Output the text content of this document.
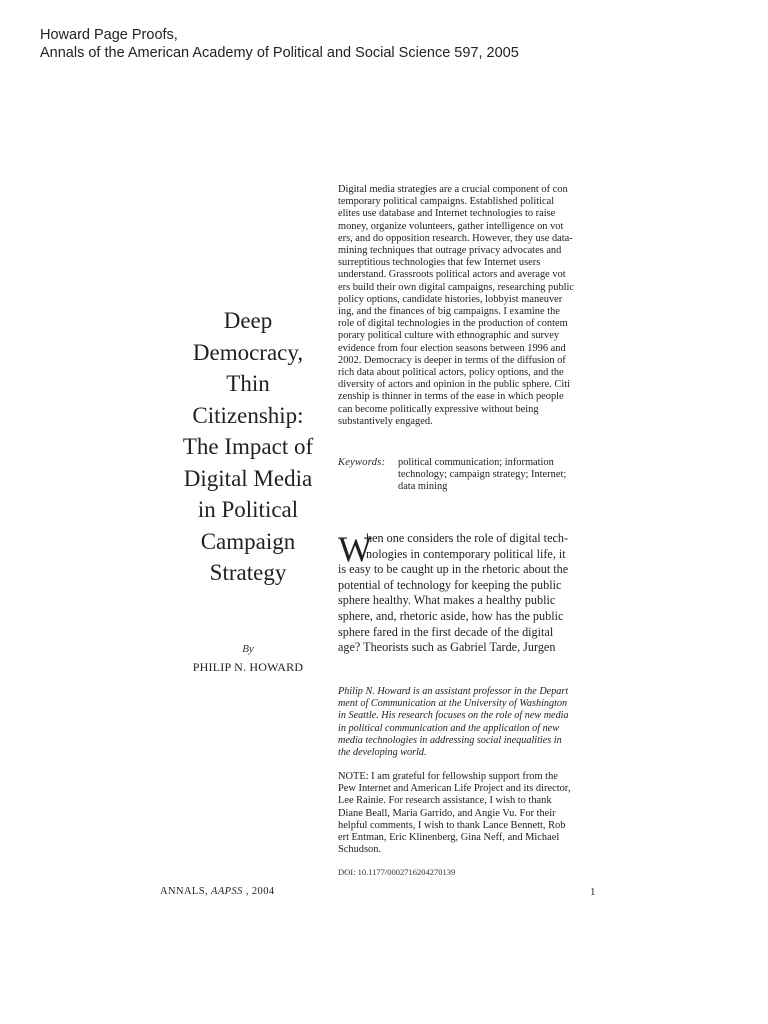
Howard Page Proofs,
Annals of the American Academy of Political and Social Science 597, 2005
Deep
Democracy,
Thin
Citizenship:
The Impact of
Digital Media
in Political
Campaign
Strategy
By
PHILIP N. HOWARD
Digital media strategies are a crucial component of con
temporary political campaigns. Established political
elites use database and Internet technologies to raise
money, organize volunteers, gather intelligence on vot
ers, and do opposition research. However, they use data-
mining techniques that outrage privacy advocates and
surreptitious technologies that few Internet users
understand. Grassroots political actors and average vot
ers build their own digital campaigns, researching public
policy options, candidate histories, lobbyist maneuver
ing, and the finances of big campaigns. I examine the
role of digital technologies in the production of contem
porary political culture with ethnographic and survey
evidence from four election seasons between 1996 and
2002. Democracy is deeper in terms of the diffusion of
rich data about political actors, policy options, and the
diversity of actors and opinion in the public sphere. Citi
zenship is thinner in terms of the ease in which people
can become politically expressive without being
substantively engaged.
Keywords: political communication; information
technology; campaign strategy; Internet;
data mining
W
hen one considers the role of digital tech-
nologies in contemporary political life, it
is easy to be caught up in the rhetoric about the
potential of technology for keeping the public
sphere healthy. What makes a healthy public
sphere, and, rhetoric aside, how has the public
sphere fared in the first decade of the digital
age? Theorists such as Gabriel Tarde, Jurgen
Philip N. Howard is an assistant professor in the Depart
ment of Communication at the University of Washington
in Seattle. His research focuses on the role of new media
in political communication and the application of new
media technologies in addressing social inequalities in
the developing world.
NOTE: I am grateful for fellowship support from the
Pew Internet and American Life Project and its director,
Lee Rainie. For research assistance, I wish to thank
Diane Beall, Maria Garrido, and Angie Vu. For their
helpful comments, I wish to thank Lance Bennett, Rob
ert Entman, Eric Klinenberg, Gina Neff, and Michael
Schudson.
DOI: 10.1177/0002716204270139
ANNALS, AAPSS , 2004	1
